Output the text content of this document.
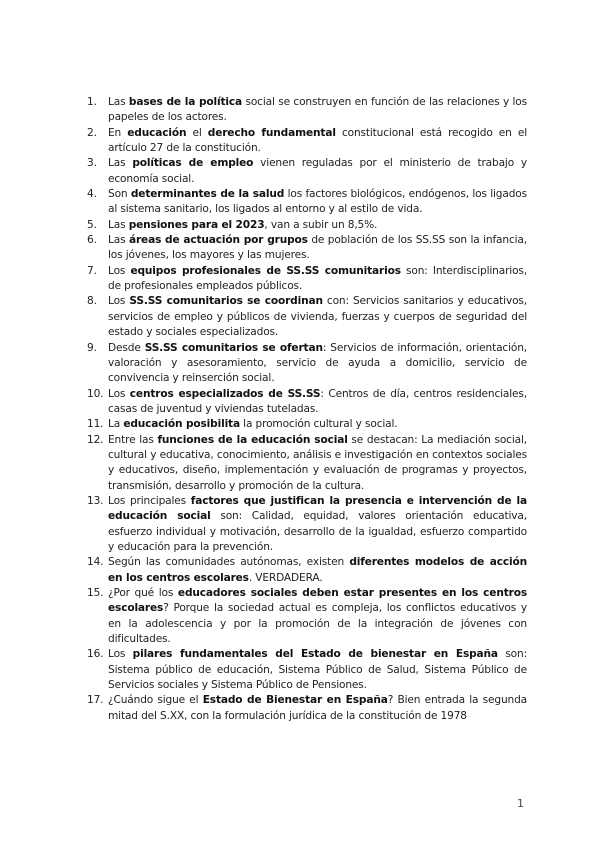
1. Las bases de la política social se construyen en función de las relaciones y los papeles de los actores.
2. En educación el derecho fundamental constitucional está recogido en el artículo 27 de la constitución.
3. Las políticas de empleo vienen reguladas por el ministerio de trabajo y economía social.
4. Son determinantes de la salud los factores biológicos, endógenos, los ligados al sistema sanitario, los ligados al entorno y al estilo de vida.
5. Las pensiones para el 2023, van a subir un 8,5%.
6. Las áreas de actuación por grupos de población de los SS.SS son la infancia, los jóvenes, los mayores y las mujeres.
7. Los equipos profesionales de SS.SS comunitarios son: Interdisciplinarios, de profesionales empleados públicos.
8. Los SS.SS comunitarios se coordinan con: Servicios sanitarios y educativos, servicios de empleo y públicos de vivienda, fuerzas y cuerpos de seguridad del estado y sociales especializados.
9. Desde SS.SS comunitarios se ofertan: Servicios de información, orientación, valoración y asesoramiento, servicio de ayuda a domicilio, servicio de convivencia y reinserción social.
10. Los centros especializados de SS.SS: Centros de día, centros residenciales, casas de juventud y viviendas tuteladas.
11. La educación posibilita la promoción cultural y social.
12. Entre las funciones de la educación social se destacan: La mediación social, cultural y educativa, conocimiento, análisis e investigación en contextos sociales y educativos, diseño, implementación y evaluación de programas y proyectos, transmisión, desarrollo y promoción de la cultura.
13. Los principales factores que justifican la presencia e intervención de la educación social son: Calidad, equidad, valores orientación educativa, esfuerzo individual y motivación, desarrollo de la igualdad, esfuerzo compartido y educación para la prevención.
14. Según las comunidades autónomas, existen diferentes modelos de acción en los centros escolares. VERDADERA.
15. ¿Por qué los educadores sociales deben estar presentes en los centros escolares? Porque la sociedad actual es compleja, los conflictos educativos y en la adolescencia y por la promoción de la integración de jóvenes con dificultades.
16. Los pilares fundamentales del Estado de bienestar en España son: Sistema público de educación, Sistema Público de Salud, Sistema Público de Servicios sociales y Sistema Público de Pensiones.
17. ¿Cuándo sigue el Estado de Bienestar en España? Bien entrada la segunda mitad del S.XX, con la formulación jurídica de la constitución de 1978
1
